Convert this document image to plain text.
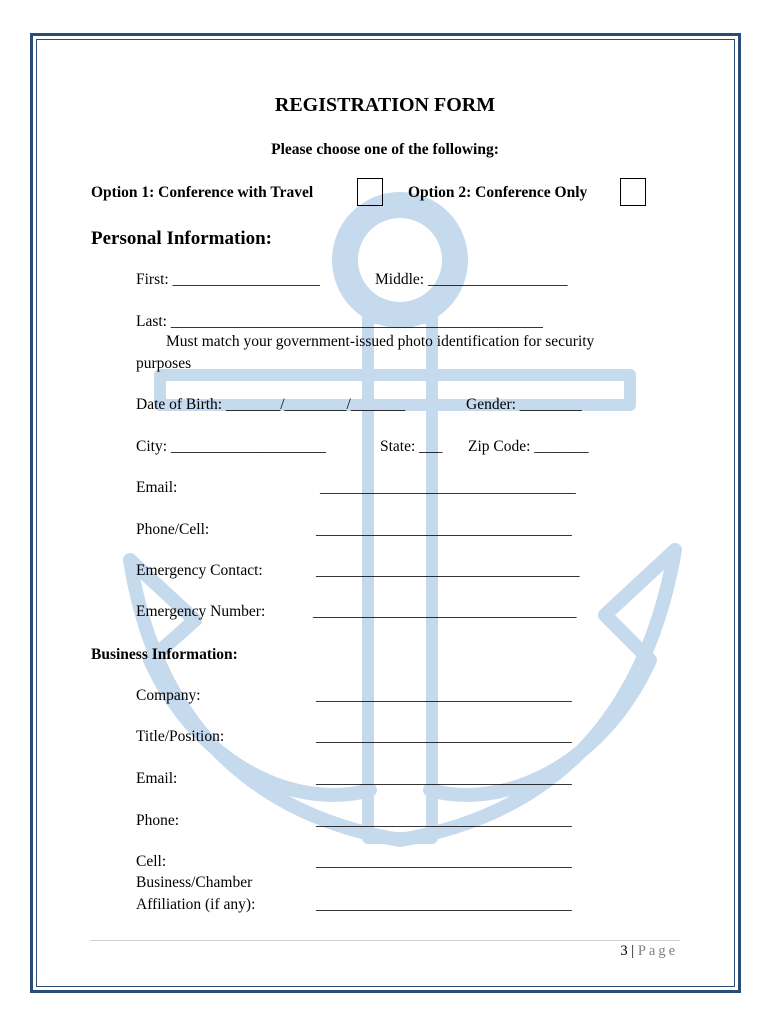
REGISTRATION FORM
Please choose one of the following:
Option 1: Conference with Travel	Option 2: Conference Only
Personal Information:
First: ___________________	Middle: __________________
Last: ________________________________________________
Must match your government-issued photo identification for security
purposes
Date of Birth: _______/________/_______	Gender: ________
City: ____________________	State: ___ Zip Code: _______
Email:	_________________________________
Phone/Cell:	_________________________________
Emergency Contact:	__________________________________
Emergency Number:	__________________________________
Business Information:
Company:	_________________________________
Title/Position:	_________________________________
Email:	_________________________________
Phone:	_________________________________
Cell:	_________________________________
Business/Chamber
Affiliation (if any):	_________________________________
3 | Page
